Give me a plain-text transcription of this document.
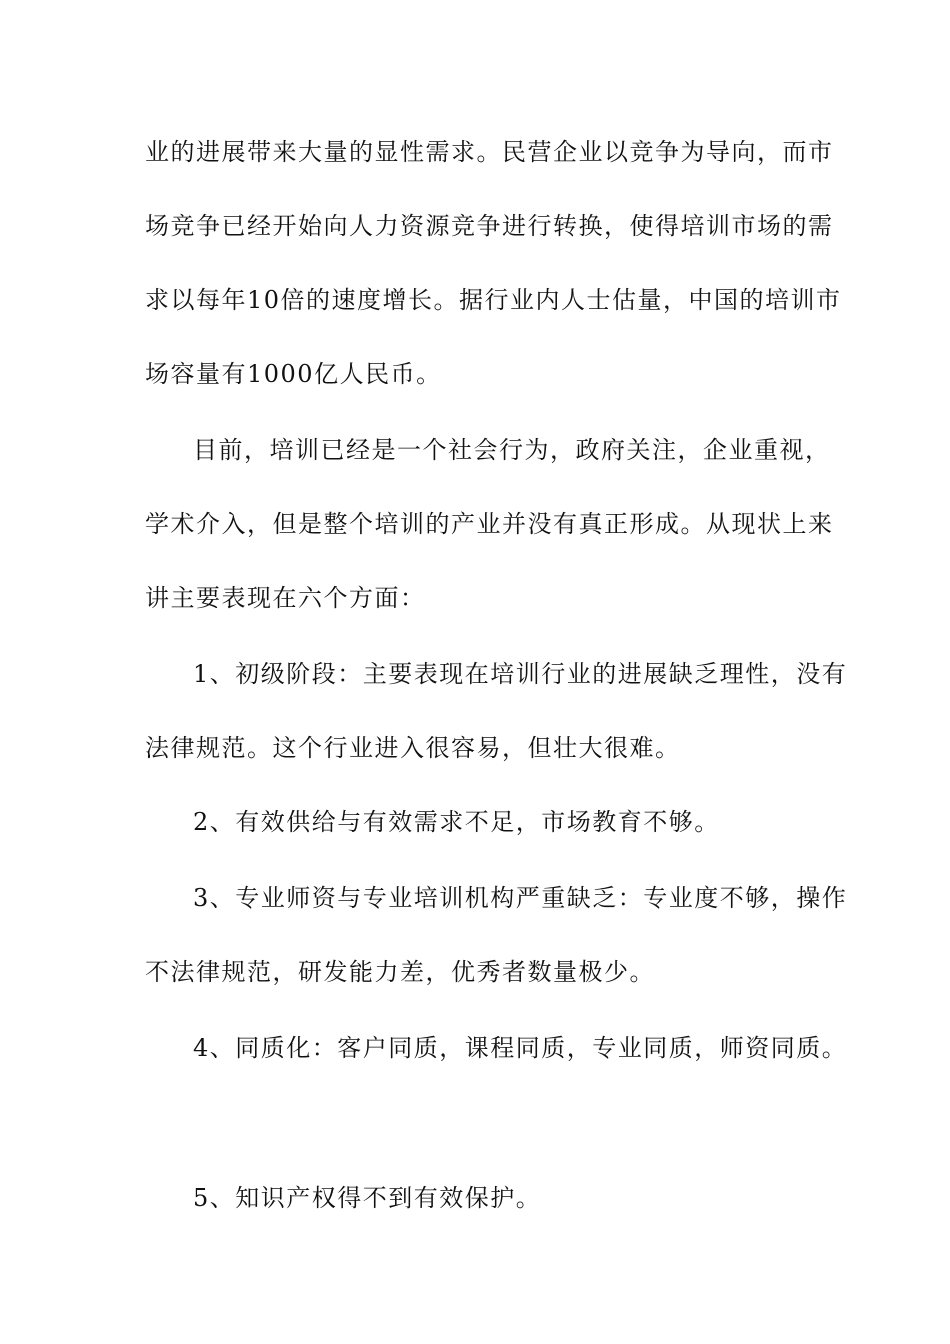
业的进展带来大量的显性需求。民营企业以竞争为导向，而市
场竞争已经开始向人力资源竞争进行转换，使得培训市场的需
求以每年10倍的速度增长。据行业内人士估量，中国的培训市
场容量有1000亿人民币。
目前，培训已经是一个社会行为，政府关注，企业重视，
学术介入，但是整个培训的产业并没有真正形成。从现状上来
讲主要表现在六个方面：
1、初级阶段：主要表现在培训行业的进展缺乏理性，没有
法律规范。这个行业进入很容易，但壮大很难。
2、有效供给与有效需求不足，市场教育不够。
3、专业师资与专业培训机构严重缺乏：专业度不够，操作
不法律规范，研发能力差，优秀者数量极少。
4、同质化：客户同质，课程同质，专业同质，师资同质。
5、知识产权得不到有效保护。
